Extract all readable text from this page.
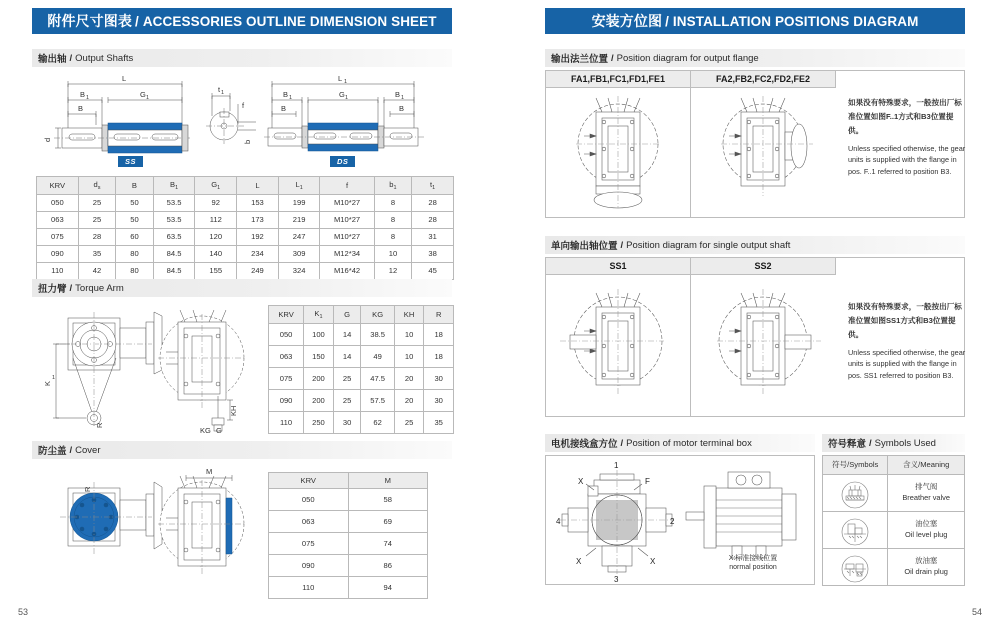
附件尺寸图表 / ACCESSORIES OUTLINE DIMENSION SHEET
输出轴 / Output Shafts
L
B 1	G 1
B
d
SS
t 1
f
b
L 1
B 1	G 1	B 1
B	B
DS
KRV	$d_s$	B	$B_1$	$G_1$	L	$L_1$	f	$b_1$	$t_1$
050	25	50	53.5	92	153	199	M10*27	8	28
063	25	50	53.5	112	173	219	M10*27	8	28
075	28	60	63.5	120	192	247	M10*27	8	31
090	35	80	84.5	140	234	309	M12*34	10	38
110	42	80	84.5	155	249	324	M16*42	12	45
扭力臂 / Torque Arm
K
1
R
KH
KG G
KRV	$K_1$	G	KG	KH	R
050	100	14	38.5	10	18
063	150	14	49	10	18
075	200	25	47.5	20	30
090	200	25	57.5	20	30
110	250	30	62	25	35
防尘盖 / Cover
R
M
KRV	M
050	58
063	69
075	74
090	86
110	94
53
安装方位图 / INSTALLATION POSITIONS DIAGRAM
输出法兰位置 / Position diagram for output flange
FA1,FB1,FC1,FD1,FE1	FA2,FB2,FC2,FD2,FE2
如果没有特殊要求，一般按出厂标准位置如图F..1方式和B3位置提供。
Unless specified otherwise, the gear units is supplied with the flange in pos. F..1 referred to position B3.
单向输出轴位置 / Position diagram for single output shaft
SS1	SS2
如果没有特殊要求，一般按出厂标准位置如图SS1方式和B3位置提供。
Unless specified otherwise, the gear units is supplied with the flange in pos. SS1 referred to position B3.
电机接线盒方位 / Position of motor terminal box
1
2
3
4
F
X
X	X	X:标准接线位置
normal position
符号释意 / Symbols Used
符号/Symbols	含义/Meaning

排气阀
Breather valve

油位塞
Oil level plug

放油塞
Oil drain plug
54
